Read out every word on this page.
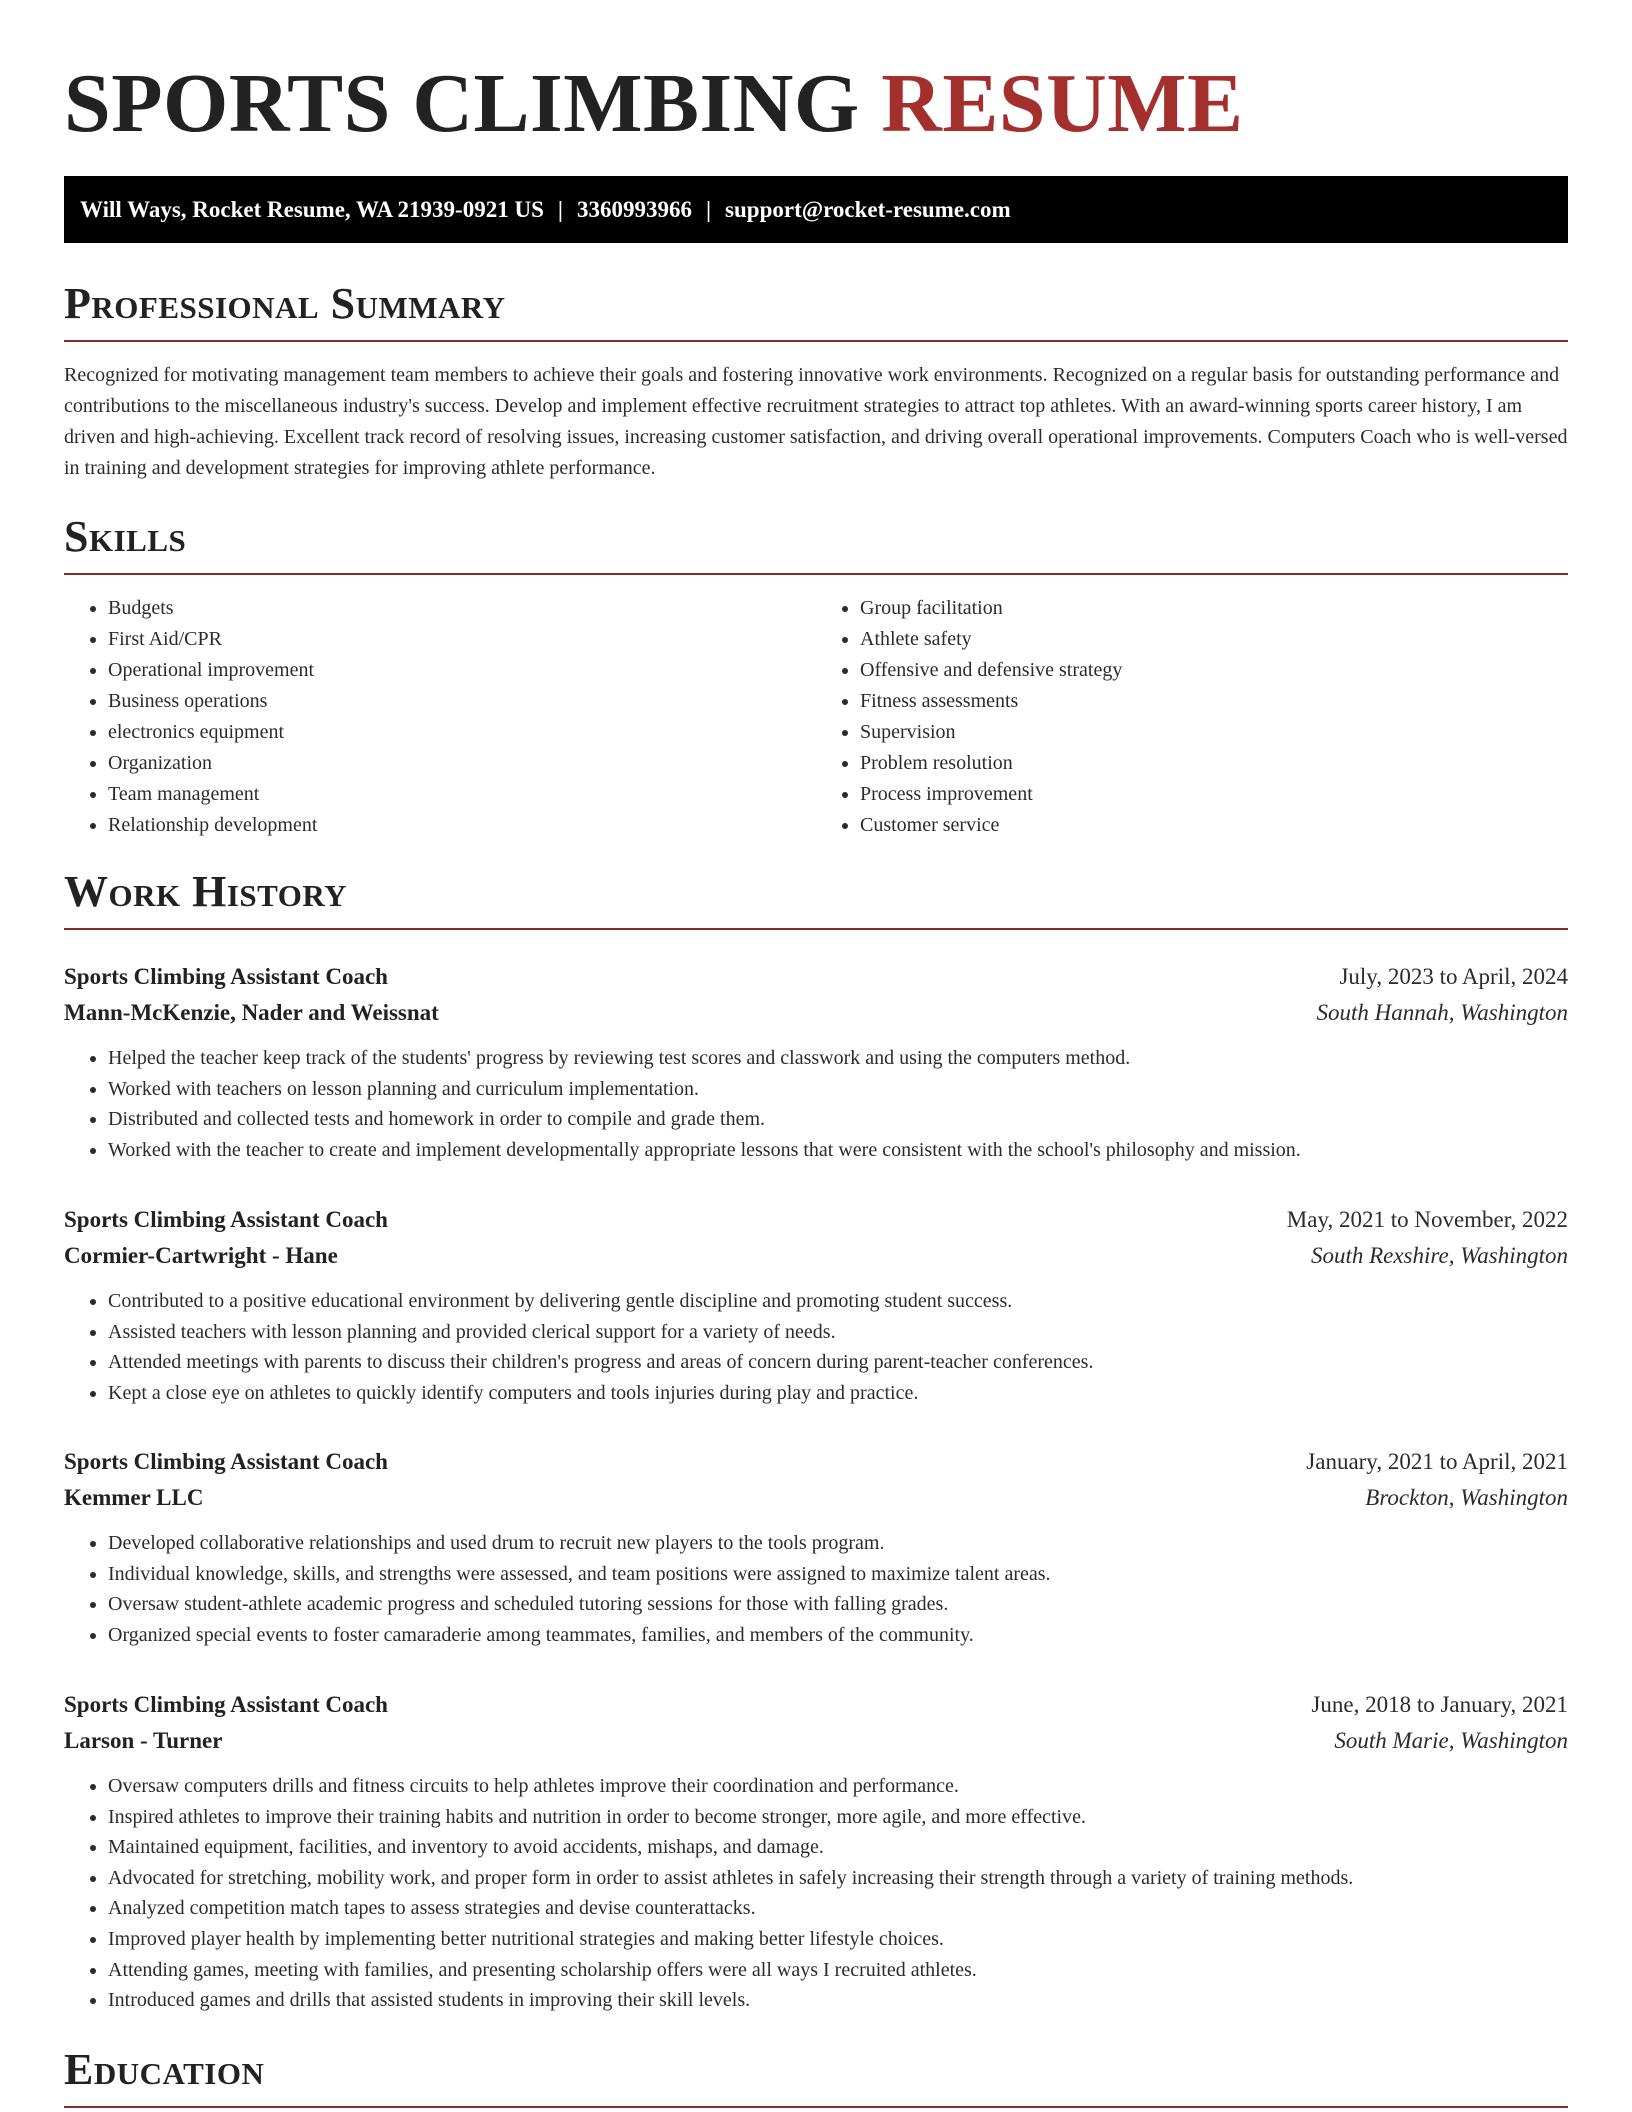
SPORTS CLIMBING RESUME
Will Ways, Rocket Resume, WA 21939-0921 US | 3360993966 | support@rocket-resume.com
Professional Summary

Recognized for motivating management team members to achieve their goals and fostering innovative work environments. Recognized on a regular basis for outstanding performance and contributions to the miscellaneous industry's success. Develop and implement effective recruitment strategies to attract top athletes. With an award-winning sports career history, I am driven and high-achieving. Excellent track record of resolving issues, increasing customer satisfaction, and driving overall operational improvements. Computers Coach who is well-versed in training and development strategies for improving athlete performance.

Skills
• Budgets
• First Aid/CPR
• Operational improvement
• Business operations
• electronics equipment
• Organization
• Team management
• Relationship development
• Group facilitation
• Athlete safety
• Offensive and defensive strategy
• Fitness assessments
• Supervision
• Problem resolution
• Process improvement
• Customer service
Work History
Sports Climbing Assistant Coach	July, 2023 to April, 2024
Mann-McKenzie, Nader and Weissnat	South Hannah, Washington
• Helped the teacher keep track of the students' progress by reviewing test scores and classwork and using the computers method.
• Worked with teachers on lesson planning and curriculum implementation.
• Distributed and collected tests and homework in order to compile and grade them.
• Worked with the teacher to create and implement developmentally appropriate lessons that were consistent with the school's philosophy and mission.
Sports Climbing Assistant Coach	May, 2021 to November, 2022
Cormier-Cartwright - Hane	South Rexshire, Washington
• Contributed to a positive educational environment by delivering gentle discipline and promoting student success.
• Assisted teachers with lesson planning and provided clerical support for a variety of needs.
• Attended meetings with parents to discuss their children's progress and areas of concern during parent-teacher conferences.
• Kept a close eye on athletes to quickly identify computers and tools injuries during play and practice.
Sports Climbing Assistant Coach	January, 2021 to April, 2021
Kemmer LLC	Brockton, Washington
• Developed collaborative relationships and used drum to recruit new players to the tools program.
• Individual knowledge, skills, and strengths were assessed, and team positions were assigned to maximize talent areas.
• Oversaw student-athlete academic progress and scheduled tutoring sessions for those with falling grades.
• Organized special events to foster camaraderie among teammates, families, and members of the community.
Sports Climbing Assistant Coach	June, 2018 to January, 2021
Larson - Turner	South Marie, Washington
• Oversaw computers drills and fitness circuits to help athletes improve their coordination and performance.
• Inspired athletes to improve their training habits and nutrition in order to become stronger, more agile, and more effective.
• Maintained equipment, facilities, and inventory to avoid accidents, mishaps, and damage.
• Advocated for stretching, mobility work, and proper form in order to assist athletes in safely increasing their strength through a variety of training methods.
• Analyzed competition match tapes to assess strategies and devise counterattacks.
• Improved player health by implementing better nutritional strategies and making better lifestyle choices.
• Attending games, meeting with families, and presenting scholarship offers were all ways I recruited athletes.
• Introduced games and drills that assisted students in improving their skill levels.
Education
